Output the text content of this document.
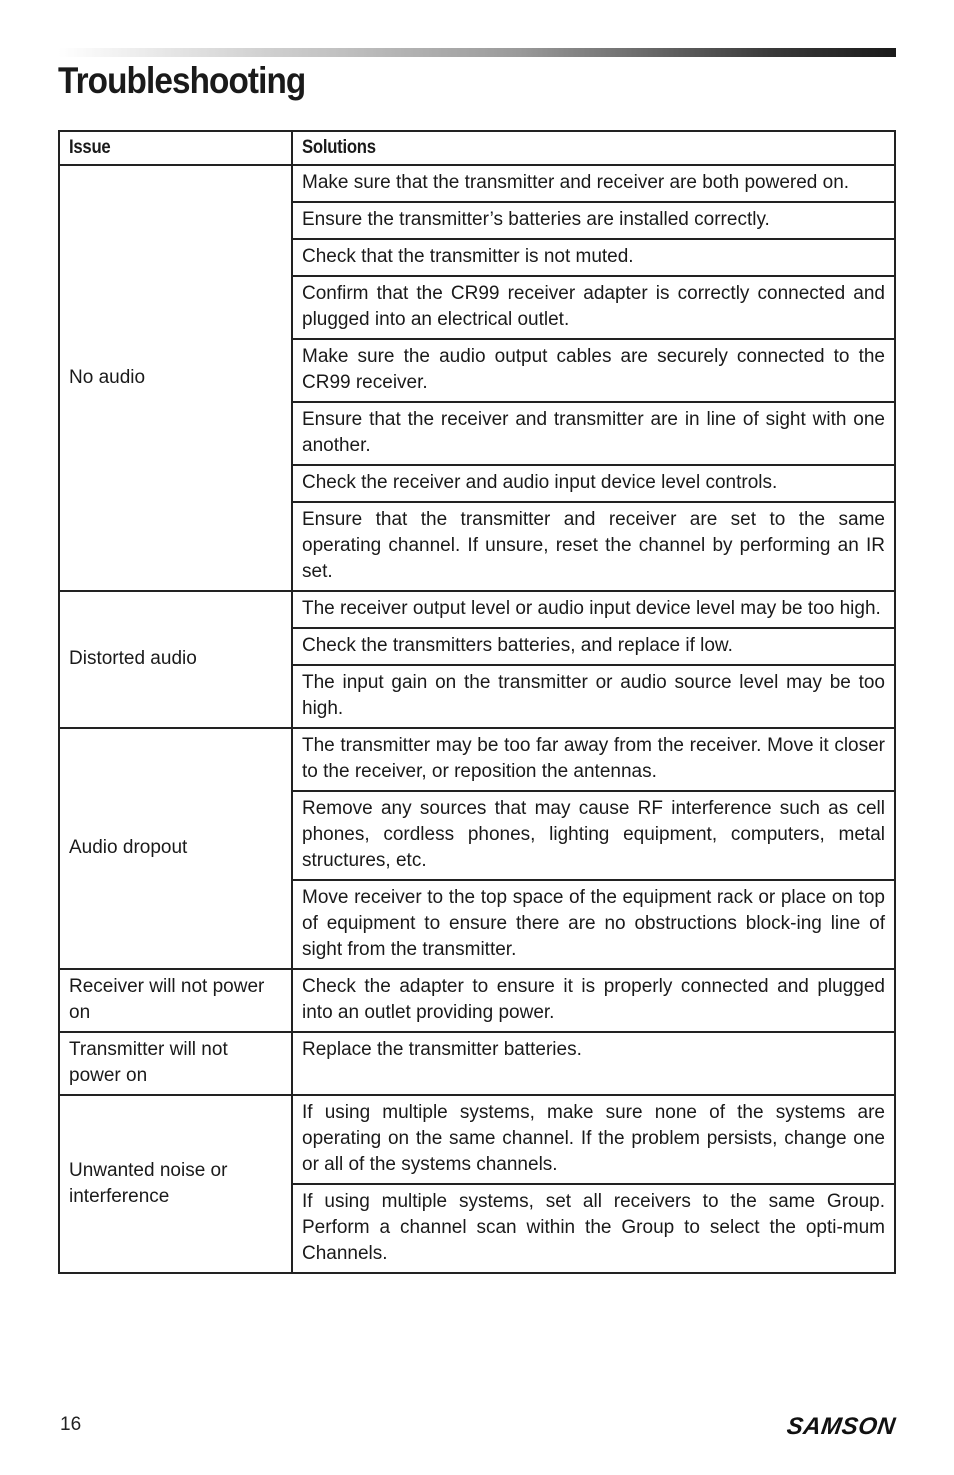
Troubleshooting
Issue	Solutions
No audio	Make sure that the transmitter and receiver are both powered on.
	Ensure the transmitter’s batteries are installed correctly.
	Check that the transmitter is not muted.
	Confirm that the CR99 receiver adapter is correctly connected and plugged into an electrical outlet.
	Make sure the audio output cables are securely connected to the CR99 receiver.
	Ensure that the receiver and transmitter are in line of sight with one another.
	Check the receiver and audio input device level controls.
	Ensure that the transmitter and receiver are set to the same operating channel. If unsure, reset the channel by performing an IR set.
Distorted audio	The receiver output level or audio input device level may be too high.
	Check the transmitters batteries, and replace if low.
	The input gain on the transmitter or audio source level may be too high.
Audio dropout	The transmitter may be too far away from the receiver. Move it closer to the receiver, or reposition the antennas.
	Remove any sources that may cause RF interference such as cell phones, cordless phones, lighting equipment, computers, metal structures, etc.
	Move receiver to the top space of the equipment rack or place on top of equipment to ensure there are no obstructions block-ing line of sight from the transmitter.
Receiver will not power on	Check the adapter to ensure it is properly connected and plugged into an outlet providing power.
Transmitter will not power on	Replace the transmitter batteries.
Unwanted noise or interference	If using multiple systems, make sure none of the systems are operating on the same channel. If the problem persists, change one or all of the systems channels.
	If using multiple systems, set all receivers to the same Group. Perform a channel scan within the Group to select the opti-mum Channels.
16	SAMSON
